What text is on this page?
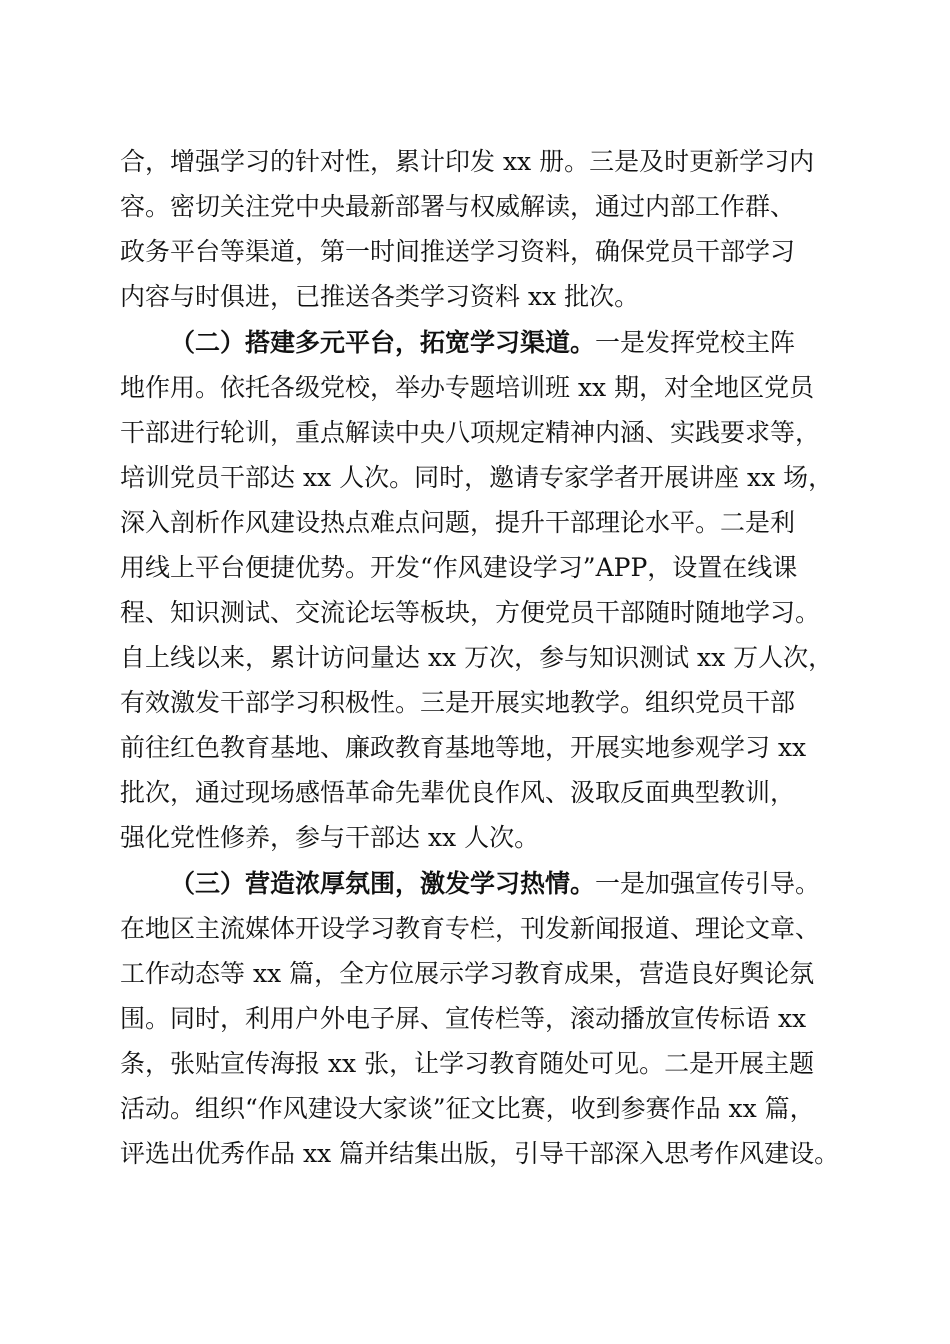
合，增强学习的针对性，累计印发 xx 册。三是及时更新学习内
容。密切关注党中央最新部署与权威解读，通过内部工作群、
政务平台等渠道，第一时间推送学习资料，确保党员干部学习
内容与时俱进，已推送各类学习资料 xx 批次。
（二）搭建多元平台，拓宽学习渠道。一是发挥党校主阵
地作用。依托各级党校，举办专题培训班 xx 期，对全地区党员
干部进行轮训，重点解读中央八项规定精神内涵、实践要求等，
培训党员干部达 xx 人次。同时，邀请专家学者开展讲座 xx 场，
深入剖析作风建设热点难点问题，提升干部理论水平。二是利
用线上平台便捷优势。开发“作风建设学习”APP，设置在线课
程、知识测试、交流论坛等板块，方便党员干部随时随地学习。
自上线以来，累计访问量达 xx 万次，参与知识测试 xx 万人次，
有效激发干部学习积极性。三是开展实地教学。组织党员干部
前往红色教育基地、廉政教育基地等地，开展实地参观学习 xx
批次，通过现场感悟革命先辈优良作风、汲取反面典型教训，
强化党性修养，参与干部达 xx 人次。
（三）营造浓厚氛围，激发学习热情。一是加强宣传引导。
在地区主流媒体开设学习教育专栏，刊发新闻报道、理论文章、
工作动态等 xx 篇，全方位展示学习教育成果，营造良好舆论氛
围。同时，利用户外电子屏、宣传栏等，滚动播放宣传标语 xx
条，张贴宣传海报 xx 张，让学习教育随处可见。二是开展主题
活动。组织“作风建设大家谈”征文比赛，收到参赛作品 xx 篇，
评选出优秀作品 xx 篇并结集出版，引导干部深入思考作风建设。
